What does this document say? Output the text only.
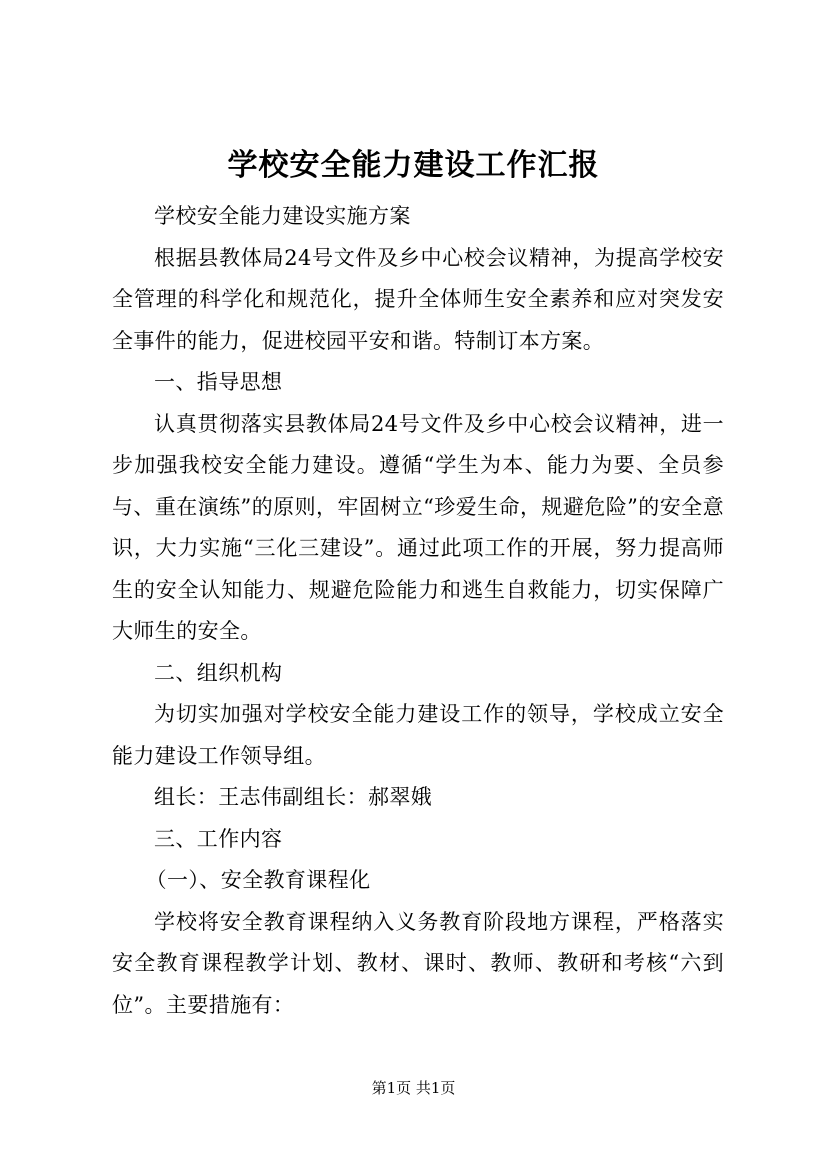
学校安全能力建设工作汇报

学校安全能力建设实施方案

根据县教体局24号文件及乡中心校会议精神，为提高学校安全管理的科学化和规范化，提升全体师生安全素养和应对突发安全事件的能力，促进校园平安和谐。特制订本方案。

一、指导思想

认真贯彻落实县教体局24号文件及乡中心校会议精神，进一步加强我校安全能力建设。遵循“学生为本、能力为要、全员参与、重在演练”的原则，牢固树立“珍爱生命，规避危险”的安全意识，大力实施“三化三建设”。通过此项工作的开展，努力提高师生的安全认知能力、规避危险能力和逃生自救能力，切实保障广大师生的安全。

二、组织机构

为切实加强对学校安全能力建设工作的领导，学校成立安全能力建设工作领导组。

组长：王志伟副组长：郝翠娥

三、工作内容

（一）、安全教育课程化

学校将安全教育课程纳入义务教育阶段地方课程，严格落实安全教育课程教学计划、教材、课时、教师、教研和考核“六到位”。主要措施有：

第1页 共1页
